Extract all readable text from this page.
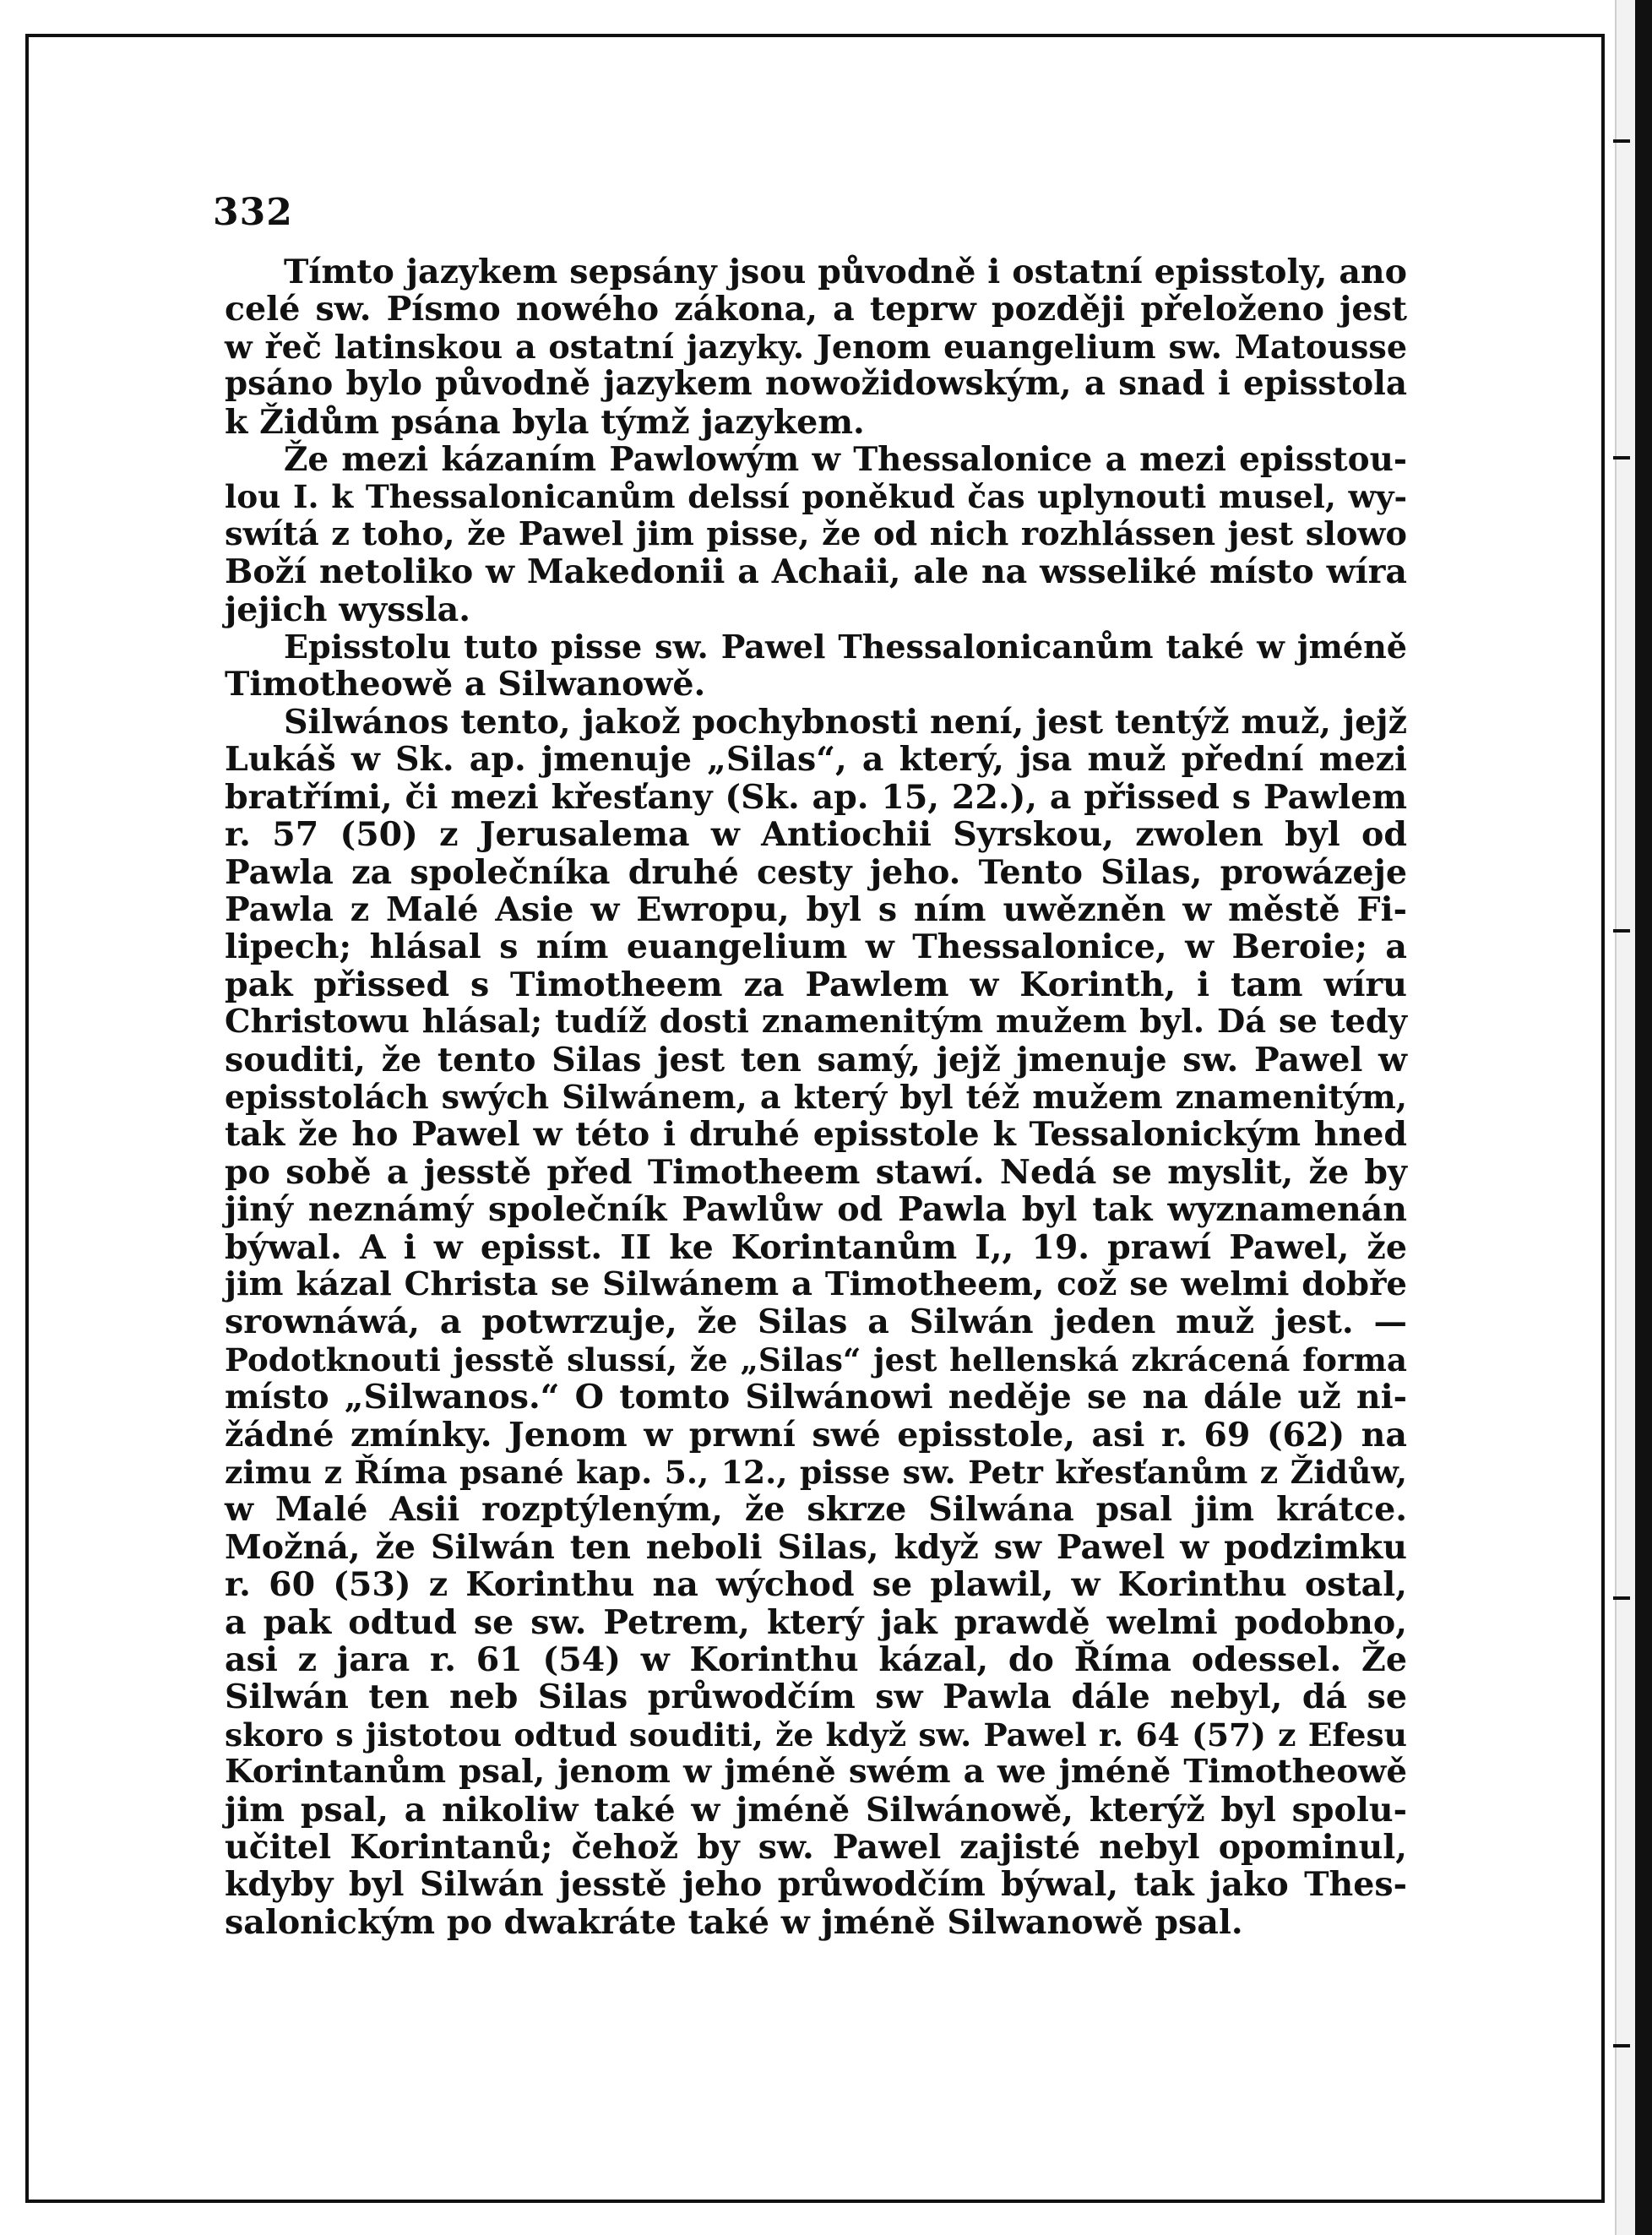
332
Tímto jazykem sepsány jsou původně i ostatní episstoly, ano
celé sw. Písmo nowého zákona, a teprw později přeloženo jest
w řeč latinskou a ostatní jazyky. Jenom euangelium sw. Matousse
psáno bylo původně jazykem nowožidowským, a snad i episstola
k Židům psána byla týmž jazykem.
Že mezi kázaním Pawlowým w Thessalonice a mezi episstou-
lou I. k Thessalonicanům delssí poněkud čas uplynouti musel, wy-
swítá z toho, že Pawel jim pisse, že od nich rozhlássen jest slowo
Boží netoliko w Makedonii a Achaii, ale na wsseliké místo wíra
jejich wyssla.
Episstolu tuto pisse sw. Pawel Thessalonicanům také w jméně
Timotheowě a Silwanowě.
Silwános tento, jakož pochybnosti není, jest tentýž muž, jejž
Lukáš w Sk. ap. jmenuje „Silas“, a který, jsa muž přední mezi
bratřími, či mezi křesťany (Sk. ap. 15, 22.), a přissed s Pawlem
r. 57 (50) z Jerusalema w Antiochii Syrskou, zwolen byl od
Pawla za společníka druhé cesty jeho. Tento Silas, prowázeje
Pawla z Malé Asie w Ewropu, byl s ním uwězněn w městě Fi-
lipech; hlásal s ním euangelium w Thessalonice, w Beroie; a
pak přissed s Timotheem za Pawlem w Korinth, i tam wíru
Christowu hlásal; tudíž dosti znamenitým mužem byl. Dá se tedy
souditi, že tento Silas jest ten samý, jejž jmenuje sw. Pawel w
episstolách swých Silwánem, a který byl též mužem znamenitým,
tak že ho Pawel w této i druhé episstole k Tessalonickým hned
po sobě a jesstě před Timotheem stawí. Nedá se myslit, že by
jiný neznámý společník Pawlůw od Pawla byl tak wyznamenán
býwal. A i w episst. II ke Korintanům I,, 19. prawí Pawel, že
jim kázal Christa se Silwánem a Timotheem, což se welmi dobře
srownáwá, a potwrzuje, že Silas a Silwán jeden muž jest. —
Podotknouti jesstě slussí, že „Silas“ jest hellenská zkrácená forma
místo „Silwanos.“ O tomto Silwánowi neděje se na dále už ni-
žádné zmínky. Jenom w prwní swé episstole, asi r. 69 (62) na
zimu z Říma psané kap. 5., 12., pisse sw. Petr křesťanům z Židůw,
w Malé Asii rozptýleným, že skrze Silwána psal jim krátce.
Možná, že Silwán ten neboli Silas, když sw Pawel w podzimku
r. 60 (53) z Korinthu na wýchod se plawil, w Korinthu ostal,
a pak odtud se sw. Petrem, který jak prawdě welmi podobno,
asi z jara r. 61 (54) w Korinthu kázal, do Říma odessel. Že
Silwán ten neb Silas průwodčím sw Pawla dále nebyl, dá se
skoro s jistotou odtud souditi, že když sw. Pawel r. 64 (57) z Efesu
Korintanům psal, jenom w jméně swém a we jméně Timotheowě
jim psal, a nikoliw také w jméně Silwánowě, kterýž byl spolu-
učitel Korintanů; čehož by sw. Pawel zajisté nebyl opominul,
kdyby byl Silwán jesstě jeho průwodčím býwal, tak jako Thes-
salonickým po dwakráte také w jméně Silwanowě psal.
